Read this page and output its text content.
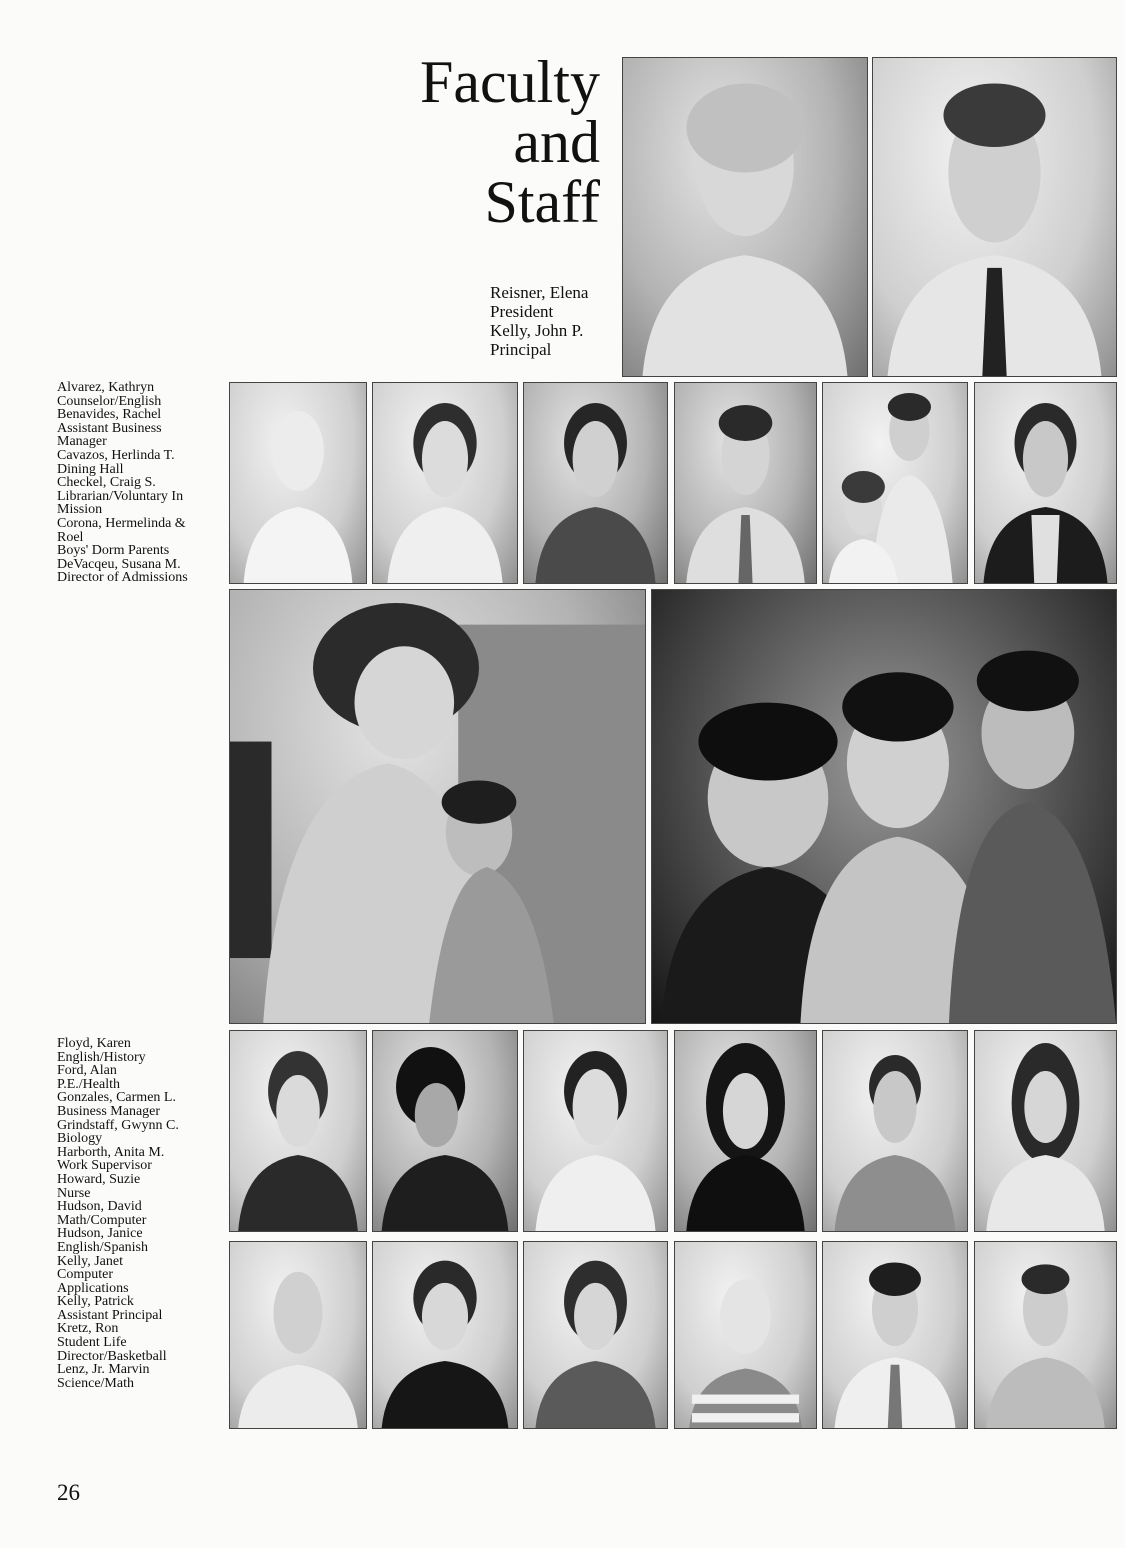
Faculty
and
Staff
Reisner, Elena
President
Kelly, John P.
Principal
Alvarez, Kathryn
Counselor/English
Benavides, Rachel
Assistant Business
Manager
Cavazos, Herlinda T.
Dining Hall
Checkel, Craig S.
Librarian/Voluntary In
Mission
Corona, Hermelinda &
Roel
Boys' Dorm Parents
DeVacqeu, Susana M.
Director of Admissions
Floyd, Karen
English/History
Ford, Alan
P.E./Health
Gonzales, Carmen L.
Business Manager
Grindstaff, Gwynn C.
Biology
Harborth, Anita M.
Work Supervisor
Howard, Suzie
Nurse
Hudson, David
Math/Computer
Hudson, Janice
English/Spanish
Kelly, Janet
Computer
Applications
Kelly, Patrick
Assistant Principal
Kretz, Ron
Student Life
Director/Basketball
Lenz, Jr. Marvin
Science/Math
26
